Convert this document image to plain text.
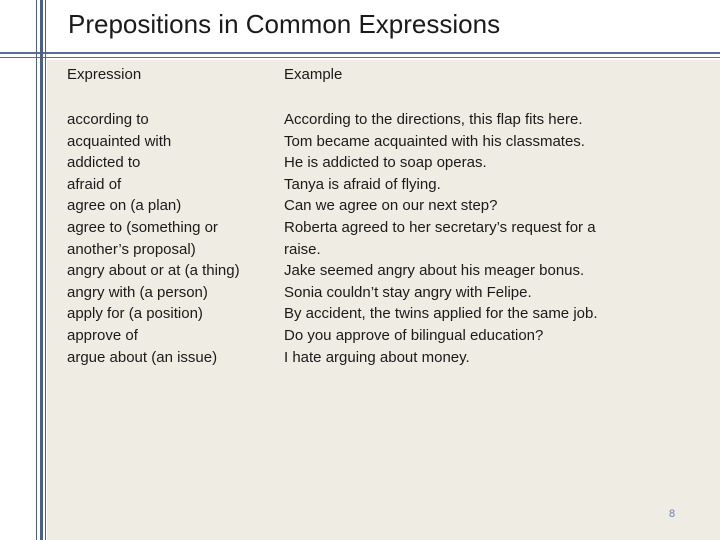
Prepositions in Common Expressions
Expression	Example
according to
acquainted with
addicted to
afraid of
agree on (a plan)
agree to (something or
another’s proposal)
angry about or at (a thing)
angry with (a person)
apply for (a position)
approve of
argue about (an issue)
According to the directions, this flap fits here.
Tom became acquainted with his classmates.
He is addicted to soap operas.
Tanya is afraid of flying.
Can we agree on our next step?
Roberta agreed to her secretary’s request for a
raise.
Jake seemed angry about his meager bonus.
Sonia couldn’t stay angry with Felipe.
By accident, the twins applied for the same job.
Do you approve of bilingual education?
I hate arguing about money.
8
